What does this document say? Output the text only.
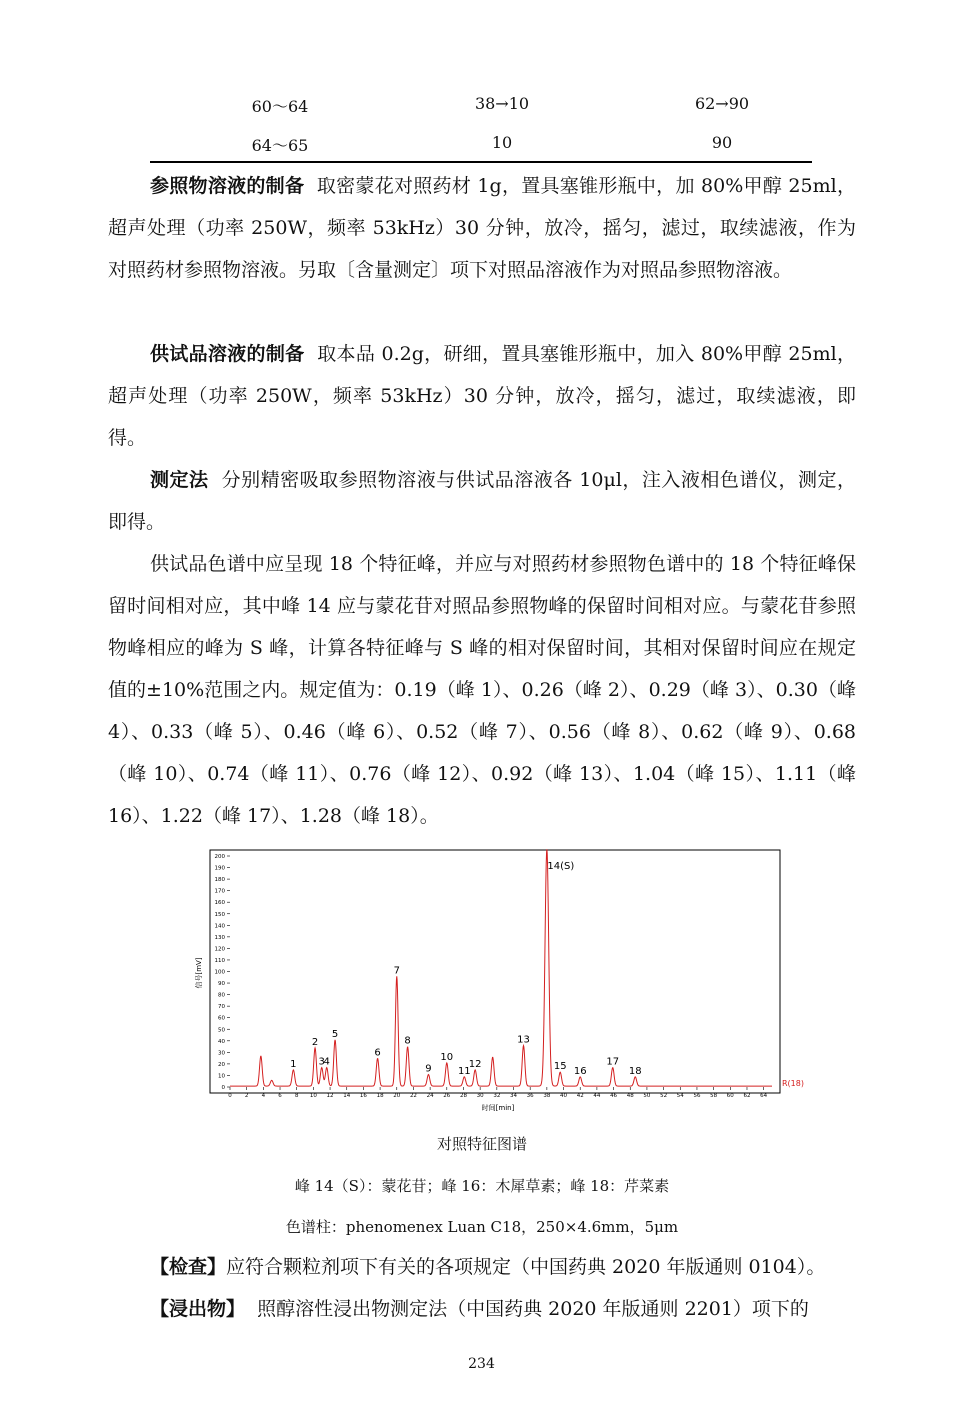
60～64	38→10	62→90
64～65	10	90

参照物溶液的制备 取密蒙花对照药材 1g，置具塞锥形瓶中，加 80%甲醇 25ml，超声处理（功率 250W，频率 53kHz）30 分钟，放冷，摇匀，滤过，取续滤液，作为对照药材参照物溶液。另取〔含量测定〕项下对照品溶液作为对照品参照物溶液。

供试品溶液的制备 取本品 0.2g，研细，置具塞锥形瓶中，加入 80%甲醇 25ml，超声处理（功率 250W，频率 53kHz）30 分钟，放冷，摇匀，滤过，取续滤液，即得。

测定法 分别精密吸取参照物溶液与供试品溶液各 10μl，注入液相色谱仪，测定，即得。

供试品色谱中应呈现 18 个特征峰，并应与对照药材参照物色谱中的 18 个特征峰保留时间相对应，其中峰 14 应与蒙花苷对照品参照物峰的保留时间相对应。与蒙花苷参照物峰相应的峰为 S 峰，计算各特征峰与 S 峰的相对保留时间，其相对保留时间应在规定值的±10%范围之内。规定值为：0.19（峰 1）、0.26（峰 2）、0.29（峰 3）、0.30（峰 4）、0.33（峰 5）、0.46（峰 6）、0.52（峰 7）、0.56（峰 8）、0.62（峰 9）、0.68（峰 10）、0.74（峰 11）、0.76（峰 12）、0.92（峰 13）、1.04（峰 15）、1.11（峰 16）、1.22（峰 17）、1.28（峰 18）。

0
10
20
30
40
50
60
70
80
90
100
110
120
130
140
150
160
170
180
190
200
0 2 4 6 8 10 12 14 16 18 20 22 24 26 28 30 32 34 36 38 40 42 44 46 48 50 52 54 56 58 60 62 64
1
2
3
4
5
6
7
8
9
10
11
12
13
14(S)
15 16
17
18
R(18)
信号[mV]
时间[min]
对照特征图谱
峰 14（S）：蒙花苷；峰 16：木犀草素；峰 18：芹菜素
色谱柱：phenomenex Luan C18，250×4.6mm，5μm

【检查】应符合颗粒剂项下有关的各项规定（中国药典 2020 年版通则 0104）。

【浸出物】 照醇溶性浸出物测定法（中国药典 2020 年版通则 2201）项下的

234
